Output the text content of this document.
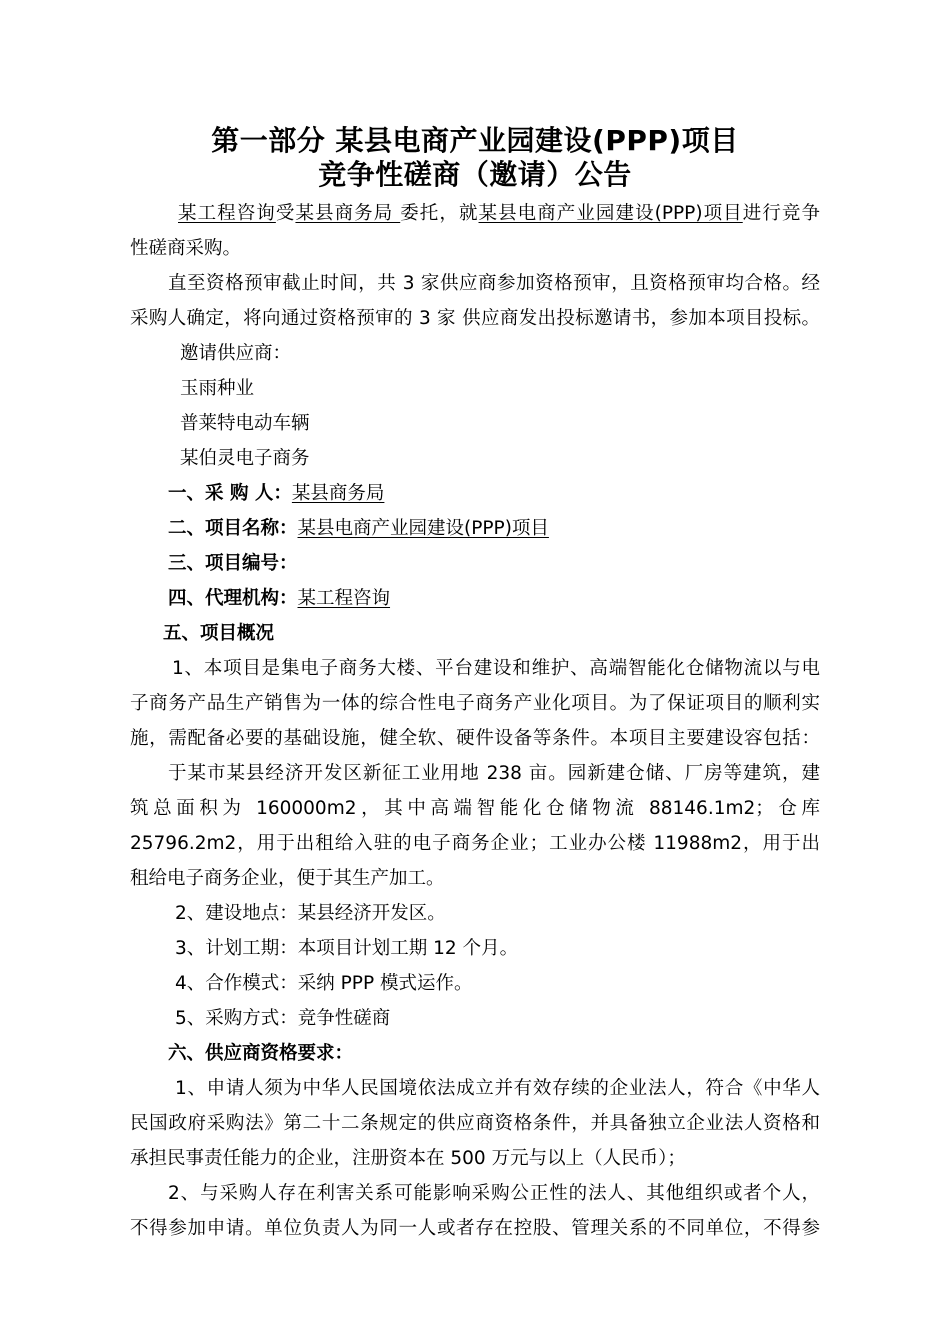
第一部分 某县电商产业园建设(PPP)项目
竞争性磋商（邀请）公告
某工程咨询受某县商务局 委托，就某县电商产业园建设(PPP)项目进行竞争
性磋商采购。
直至资格预审截止时间，共 3 家供应商参加资格预审，且资格预审均合格。经
采购人确定，将向通过资格预审的 3 家 供应商发出投标邀请书，参加本项目投标。
邀请供应商：
玉雨种业
普莱特电动车辆
某伯灵电子商务
一、采 购 人：某县商务局
二、项目名称：某县电商产业园建设(PPP)项目
三、项目编号：
四、代理机构：某工程咨询
五、项目概况
1、本项目是集电子商务大楼、平台建设和维护、高端智能化仓储物流以与电
子商务产品生产销售为一体的综合性电子商务产业化项目。为了保证项目的顺利实
施，需配备必要的基础设施，健全软、硬件设备等条件。本项目主要建设容包括：
于某市某县经济开发区新征工业用地 238 亩。园新建仓储、厂房等建筑，建
筑总面积为 160000m2，其中高端智能化仓储物流 88146.1m2；仓库
25796.2m2，用于出租给入驻的电子商务企业；工业办公楼 11988m2，用于出
租给电子商务企业，便于其生产加工。
2、建设地点：某县经济开发区。
3、计划工期：本项目计划工期 12 个月。
4、合作模式：采纳 PPP 模式运作。
5、采购方式：竞争性磋商
六、供应商资格要求：
1、申请人须为中华人民国境依法成立并有效存续的企业法人，符合《中华人
民国政府采购法》第二十二条规定的供应商资格条件，并具备独立企业法人资格和
承担民事责任能力的企业，注册资本在 500 万元与以上（人民币）；
2、与采购人存在利害关系可能影响采购公正性的法人、其他组织或者个人，
不得参加申请。单位负责人为同一人或者存在控股、管理关系的不同单位，不得参
